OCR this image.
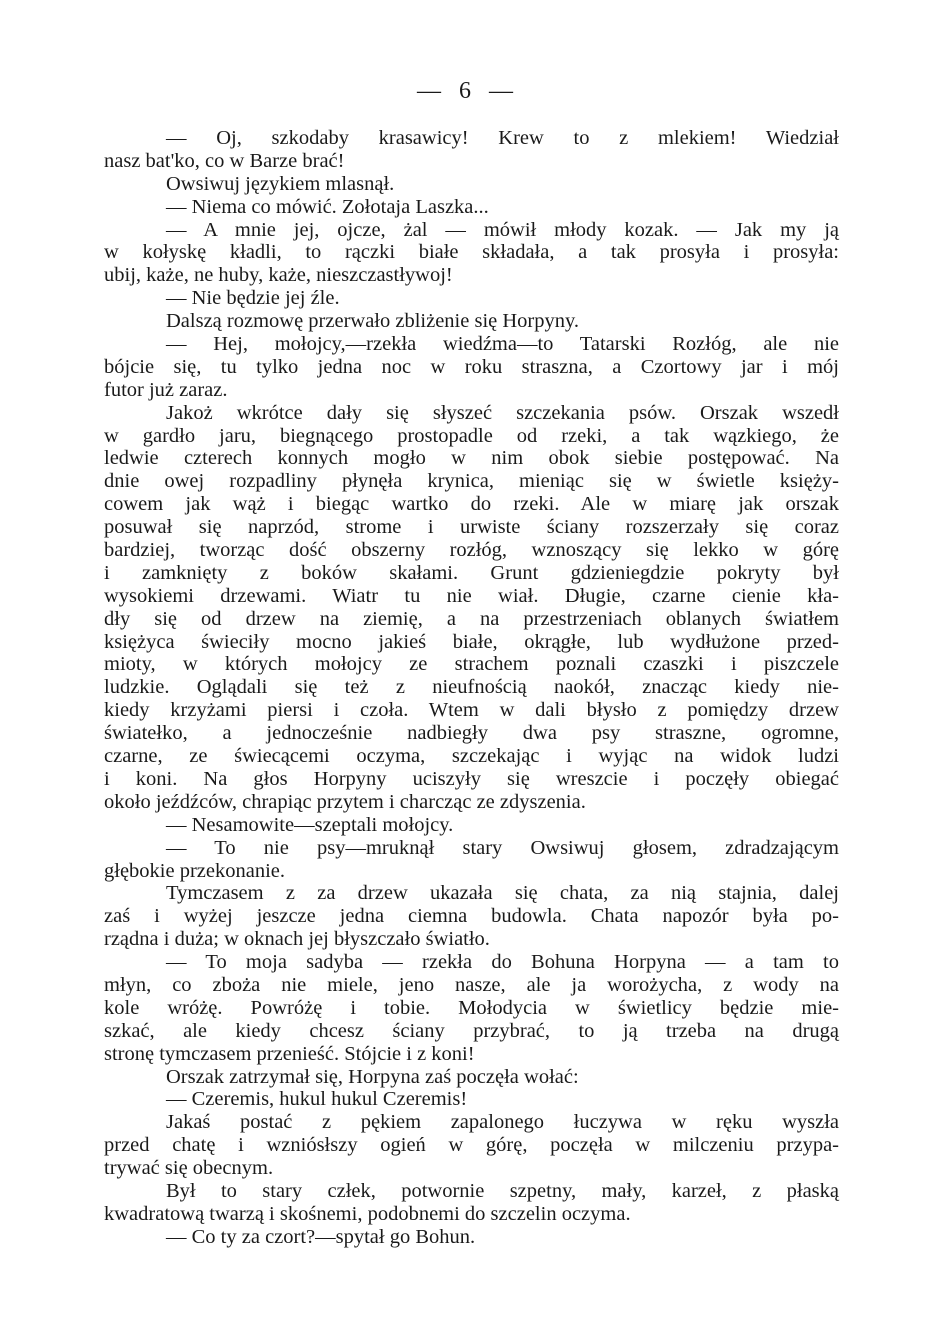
— 6 —
— Oj, szkodaby krasawicy! Krew to z mlekiem! Wiedział
nasz bat'ko, co w Barze brać!
Owsiwuj językiem mlasnął.
— Niema co mówić. Zołotaja Laszka...
— A mnie jej, ojcze, żal — mówił młody kozak. — Jak my ją
w kołyskę kładli, to rączki białe składała, a tak prosyła i prosyła:
ubij, każe, ne huby, każe, nieszczastływoj!
— Nie będzie jej źle.
Dalszą rozmowę przerwało zbliżenie się Horpyny.
— Hej, mołojcy,—rzekła wiedźma—to Tatarski Rozłóg, ale nie
bójcie się, tu tylko jedna noc w roku straszna, a Czortowy jar i mój
futor już zaraz.
Jakoż wkrótce dały się słyszeć szczekania psów. Orszak wszedł
w gardło jaru, biegnącego prostopadle od rzeki, a tak wązkiego, że
ledwie czterech konnych mogło w nim obok siebie postępować. Na
dnie owej rozpadliny płynęła krynica, mieniąc się w świetle księży-
cowem jak wąż i biegąc wartko do rzeki. Ale w miarę jak orszak
posuwał się naprzód, strome i urwiste ściany rozszerzały się coraz
bardziej, tworząc dość obszerny rozłóg, wznoszący się lekko w górę
i zamknięty z boków skałami. Grunt gdzieniegdzie pokryty był
wysokiemi drzewami. Wiatr tu nie wiał. Długie, czarne cienie kła-
dły się od drzew na ziemię, a na przestrzeniach oblanych światłem
księżyca świeciły mocno jakieś białe, okrągłe, lub wydłużone przed-
mioty, w których mołojcy ze strachem poznali czaszki i piszczele
ludzkie. Oglądali się też z nieufnością naokół, znacząc kiedy nie-
kiedy krzyżami piersi i czoła. Wtem w dali błysło z pomiędzy drzew
światełko, a jednocześnie nadbiegły dwa psy straszne, ogromne,
czarne, ze świecącemi oczyma, szczekając i wyjąc na widok ludzi
i koni. Na głos Horpyny uciszyły się wreszcie i poczęły obiegać
około jeźdźców, chrapiąc przytem i charcząc ze zdyszenia.
— Nesamowite—szeptali mołojcy.
— To nie psy—mruknął stary Owsiwuj głosem, zdradzającym
głębokie przekonanie.
Tymczasem z za drzew ukazała się chata, za nią stajnia, dalej
zaś i wyżej jeszcze jedna ciemna budowla. Chata napozór była po-
rządna i duża; w oknach jej błyszczało światło.
— To moja sadyba — rzekła do Bohuna Horpyna — a tam to
młyn, co zboża nie miele, jeno nasze, ale ja worożycha, z wody na
kole wróżę. Powróżę i tobie. Mołodycia w świetlicy będzie mie-
szkać, ale kiedy chcesz ściany przybrać, to ją trzeba na drugą
stronę tymczasem przenieść. Stójcie i z koni!
Orszak zatrzymał się, Horpyna zaś poczęła wołać:
— Czeremis, hukul hukul Czeremis!
Jakaś postać z pękiem zapalonego łuczywa w ręku wyszła
przed chatę i wzniósłszy ogień w górę, poczęła w milczeniu przypa-
trywać się obecnym.
Był to stary człek, potwornie szpetny, mały, karzeł, z płaską
kwadratową twarzą i skośnemi, podobnemi do szczelin oczyma.
— Co ty za czort?—spytał go Bohun.
